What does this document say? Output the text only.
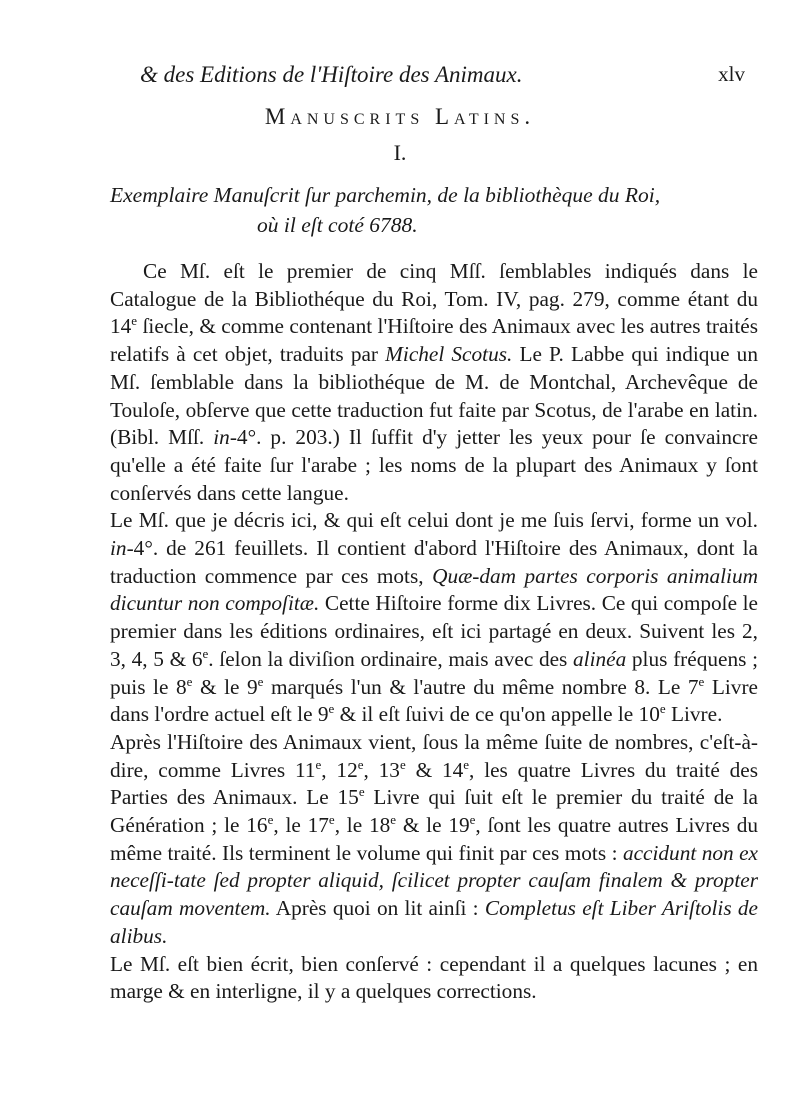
& des Editions de l'Hiſtoire des Animaux.	xlv
Manuscrits Latins.
I.
Exemplaire Manuſcrit ſur parchemin, de la bibliothèque du Roi,
où il eſt coté 6788.

Ce Mſ. eſt le premier de cinq Mſſ. ſemblables indiqués dans le Catalogue de la Bibliothéque du Roi, Tom. IV, pag. 279, comme étant du 14e ſiecle, & comme contenant l'Hiſtoire des Animaux avec les autres traités relatifs à cet objet, traduits par Michel Scotus. Le P. Labbe qui indique un Mſ. ſemblable dans la bibliothéque de M. de Montchal, Archevêque de Touloſe, obſerve que cette traduction fut faite par Scotus, de l'arabe en latin. (Bibl. Mſſ. in-4°. p. 203.) Il ſuffit d'y jetter les yeux pour ſe convaincre qu'elle a été faite ſur l'arabe ; les noms de la plupart des Animaux y ſont conſervés dans cette langue.

Le Mſ. que je décris ici, & qui eſt celui dont je me ſuis ſervi, forme un vol. in-4°. de 261 feuillets. Il contient d'abord l'Hiſtoire des Animaux, dont la traduction commence par ces mots, Quæ-dam partes corporis animalium dicuntur non compoſitæ. Cette Hiſtoire forme dix Livres. Ce qui compoſe le premier dans les éditions ordinaires, eſt ici partagé en deux. Suivent les 2, 3, 4, 5 & 6e. ſelon la diviſion ordinaire, mais avec des alinéa plus fréquens ; puis le 8e & le 9e marqués l'un & l'autre du même nombre 8. Le 7e Livre dans l'ordre actuel eſt le 9e & il eſt ſuivi de ce qu'on appelle le 10e Livre.

Après l'Hiſtoire des Animaux vient, ſous la même ſuite de nombres, c'eſt-à-dire, comme Livres 11e, 12e, 13e & 14e, les quatre Livres du traité des Parties des Animaux. Le 15e Livre qui ſuit eſt le premier du traité de la Génération ; le 16e, le 17e, le 18e & le 19e, ſont les quatre autres Livres du même traité. Ils terminent le volume qui finit par ces mots : accidunt non ex neceſſi-tate ſed propter aliquid, ſcilicet propter cauſam finalem & propter cauſam moventem. Après quoi on lit ainſi : Completus eſt Liber Ariſtolis de alibus.

Le Mſ. eſt bien écrit, bien conſervé : cependant il a quelques lacunes ; en marge & en interligne, il y a quelques corrections.
